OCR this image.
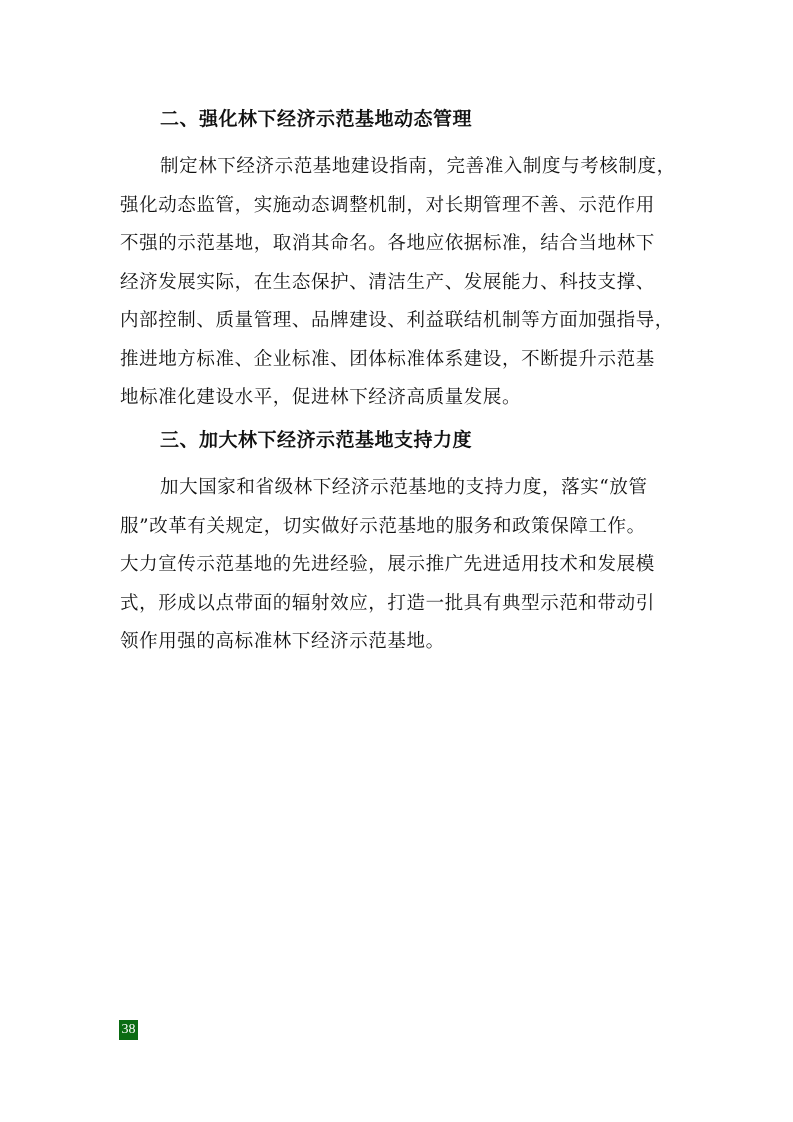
二、强化林下经济示范基地动态管理
制定林下经济示范基地建设指南，完善准入制度与考核制度，
强化动态监管，实施动态调整机制，对长期管理不善、示范作用
不强的示范基地，取消其命名。各地应依据标准，结合当地林下
经济发展实际，在生态保护、清洁生产、发展能力、科技支撑、
内部控制、质量管理、品牌建设、利益联结机制等方面加强指导，
推进地方标准、企业标准、团体标准体系建设，不断提升示范基
地标准化建设水平，促进林下经济高质量发展。
三、加大林下经济示范基地支持力度
加大国家和省级林下经济示范基地的支持力度，落实“放管
服”改革有关规定，切实做好示范基地的服务和政策保障工作。
大力宣传示范基地的先进经验，展示推广先进适用技术和发展模
式，形成以点带面的辐射效应，打造一批具有典型示范和带动引
领作用强的高标准林下经济示范基地。
38
